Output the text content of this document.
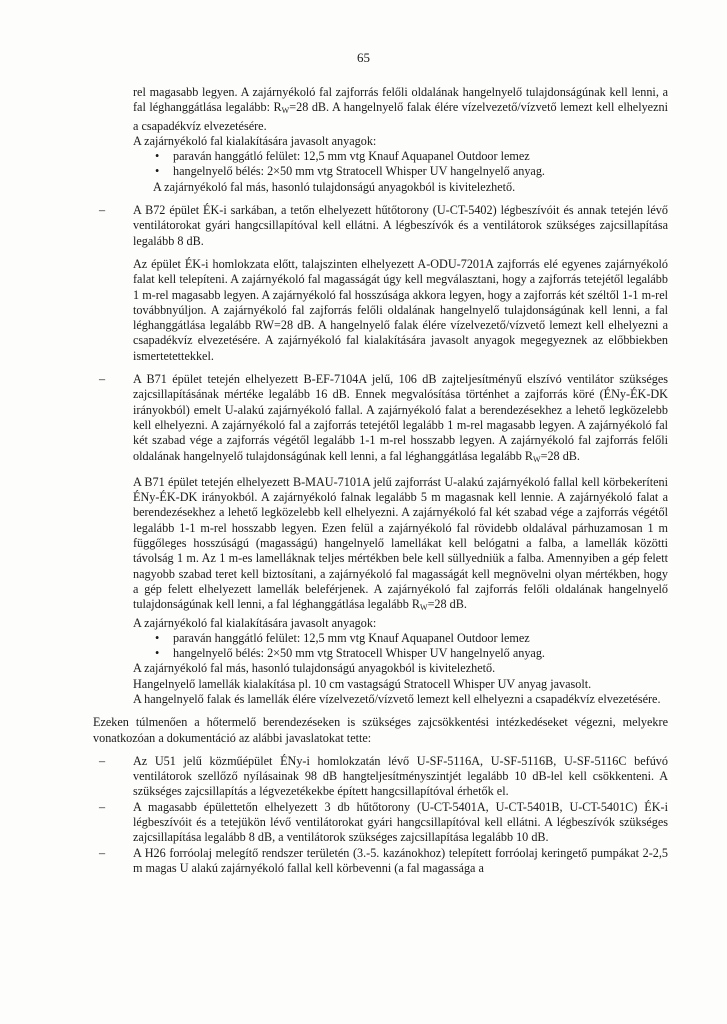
65

rel magasabb legyen. A zajárnyékoló fal zajforrás felőli oldalának hangelnyelő tulajdonságúnak kell lenni, a fal léghanggátlása legalább: $R_W=28$ dB. A hangelnyelő falak élére vízelvezető/vízvető lemezt kell elhelyezni a csapadékvíz elvezetésére.

A zajárnyékoló fal kialakítására javasolt anyagok:

• paraván hanggátló felület: 12,5 mm vtg Knauf Aquapanel Outdoor lemez
• hangelnyelő bélés: 2×50 mm vtg Stratocell Whisper UV hangelnyelő anyag.

A zajárnyékoló fal más, hasonló tulajdonságú anyagokból is kivitelezhető.

– A B72 épület ÉK-i sarkában, a tetőn elhelyezett hűtőtorony (U-CT-5402) légbeszívóit és annak tetején lévő ventilátorokat gyári hangcsillapítóval kell ellátni. A légbeszívók és a ventilátorok szükséges zajcsillapítása legalább 8 dB.

Az épület ÉK-i homlokzata előtt, talajszinten elhelyezett A-ODU-7201A zajforrás elé egyenes zajárnyékoló falat kell telepíteni. A zajárnyékoló fal magasságát úgy kell megválasztani, hogy a zajforrás tetejétől legalább 1 m-rel magasabb legyen. A zajárnyékoló fal hosszúsága akkora legyen, hogy a zajforrás két széltől 1-1 m-rel továbbnyúljon. A zajárnyékoló fal zajforrás felőli oldalának hangelnyelő tulajdonságúnak kell lenni, a fal léghanggátlása legalább RW=28 dB. A hangelnyelő falak élére vízelvezető/vízvető lemezt kell elhelyezni a csapadékvíz elvezetésére. A zajárnyékoló fal kialakítására javasolt anyagok megegyeznek az előbbiekben ismertetettekkel.

– A B71 épület tetején elhelyezett B-EF-7104A jelű, 106 dB zajteljesítményű elszívó ventilátor szükséges zajcsillapításának mértéke legalább 16 dB. Ennek megvalósítása történhet a zajforrás köré (ÉNy-ÉK-DK irányokból) emelt U-alakú zajárnyékoló fallal. A zajárnyékoló falat a berendezésekhez a lehető legközelebb kell elhelyezni. A zajárnyékoló fal a zajforrás tetejétől legalább 1 m-rel magasabb legyen. A zajárnyékoló fal két szabad vége a zajforrás végétől legalább 1-1 m-rel hosszabb legyen. A zajárnyékoló fal zajforrás felőli oldalának hangelnyelő tulajdonságúnak kell lenni, a fal léghanggátlása legalább $R_W=28$ dB.

A B71 épület tetején elhelyezett B-MAU-7101A jelű zajforrást U-alakú zajárnyékoló fallal kell körbekeríteni ÉNy-ÉK-DK irányokból. A zajárnyékoló falnak legalább 5 m magasnak kell lennie. A zajárnyékoló falat a berendezésekhez a lehető legközelebb kell elhelyezni. A zajárnyékoló fal két szabad vége a zajforrás végétől legalább 1-1 m-rel hosszabb legyen. Ezen felül a zajárnyékoló fal rövidebb oldalával párhuzamosan 1 m függőleges hosszúságú (magasságú) hangelnyelő lamellákat kell belógatni a falba, a lamellák közötti távolság 1 m. Az 1 m-es lamelláknak teljes mértékben bele kell süllyedniük a falba. Amennyiben a gép felett nagyobb szabad teret kell biztosítani, a zajárnyékoló fal magasságát kell megnövelni olyan mértékben, hogy a gép felett elhelyezett lamellák beleférjenek. A zajárnyékoló fal zajforrás felőli oldalának hangelnyelő tulajdonságúnak kell lenni, a fal léghanggátlása legalább $R_W=28$ dB.

A zajárnyékoló fal kialakítására javasolt anyagok:

• paraván hanggátló felület: 12,5 mm vtg Knauf Aquapanel Outdoor lemez
• hangelnyelő bélés: 2×50 mm vtg Stratocell Whisper UV hangelnyelő anyag.

A zajárnyékoló fal más, hasonló tulajdonságú anyagokból is kivitelezhető.

Hangelnyelő lamellák kialakítása pl. 10 cm vastagságú Stratocell Whisper UV anyag javasolt.

A hangelnyelő falak és lamellák élére vízelvezető/vízvető lemezt kell elhelyezni a csapadékvíz elvezetésére.

Ezeken túlmenően a hőtermelő berendezéseken is szükséges zajcsökkentési intézkedéseket végezni, melyekre vonatkozóan a dokumentáció az alábbi javaslatokat tette:

– Az U51 jelű közműépület ÉNy-i homlokzatán lévő U-SF-5116A, U-SF-5116B, U-SF-5116C befúvó ventilátorok szellőző nyílásainak 98 dB hangteljesítményszintjét legalább 10 dB-lel kell csökkenteni. A szükséges zajcsillapítás a légvezetékekbe épített hangcsillapítóval érhetők el.

– A magasabb épülettetőn elhelyezett 3 db hűtőtorony (U-CT-5401A, U-CT-5401B, U-CT-5401C) ÉK-i légbeszívóit és a tetejükön lévő ventilátorokat gyári hangcsillapítóval kell ellátni. A légbeszívók szükséges zajcsillapítása legalább 8 dB, a ventilátorok szükséges zajcsillapítása legalább 10 dB.

– A H26 forróolaj melegítő rendszer területén (3.-5. kazánokhoz) telepített forróolaj keringető pumpákat 2-2,5 m magas U alakú zajárnyékoló fallal kell körbevenni (a fal magassága a
